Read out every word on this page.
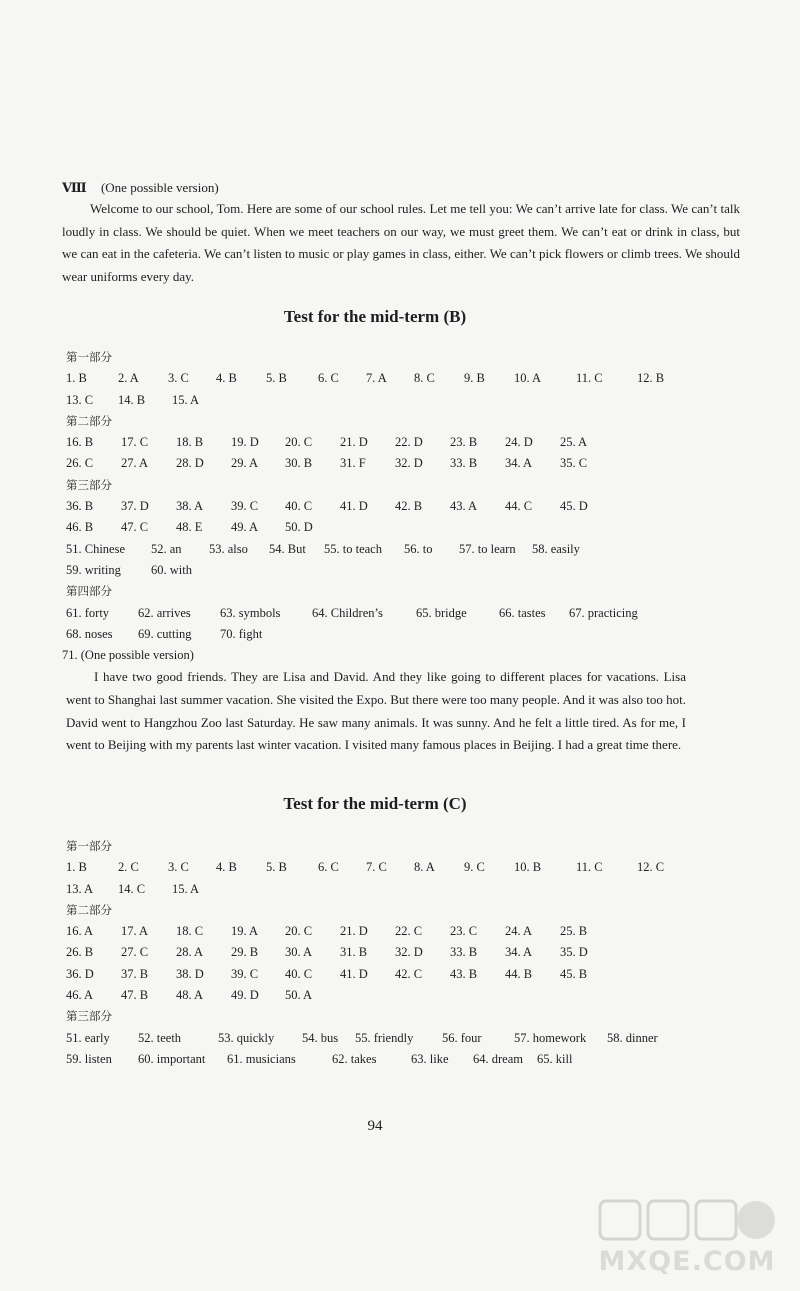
Ⅷ (One possible version)

Welcome to our school, Tom. Here are some of our school rules. Let me tell you: We can’t arrive late for class. We can’t talk loudly in class. We should be quiet. When we meet teachers on our way, we must greet them. We can’t eat or drink in class, but we can eat in the cafeteria. We can’t listen to music or play games in class, either. We can’t pick flowers or climb trees. We should wear uniforms every day.

Test for the mid-term (B)
第一部分
1. B 2. A 3. C 4. B 5. B 6. C 7. A 8. C 9. B 10. A	11. C	12. B
13. C 14. B 15. A
第二部分
16. B 17. C 18. B 19. D 20. C 21. D 22. D 23. B 24. D 25. A
26. C 27. A 28. D 29. A 30. B 31. F 32. D 33. B 34. A 35. C
第三部分
36. B 37. D 38. A 39. C 40. C 41. D 42. B 43. A 44. C 45. D
46. B 47. C 48. E 49. A 50. D
51. Chinese 52. an 53. also 54. But 55. to teach 56. to 57. to learn 58. easily
59. writing 60. with
第四部分
61. forty 62. arrives 63. symbols	64. Children’s	65. bridge	66. tastes 67. practicing
68. noses 69. cutting 70. fight
71. (One possible version)

I have two good friends. They are Lisa and David. And they like going to different places for vacations. Lisa went to Shanghai last summer vacation. She visited the Expo. But there were too many people. And it was also too hot. David went to Hangzhou Zoo last Saturday. He saw many animals. It was sunny. And he felt a little tired. As for me, I went to Beijing with my parents last winter vacation. I visited many famous places in Beijing. I had a great time there.

Test for the mid-term (C)
第一部分
1. B 2. C 3. C 4. B 5. B 6. C 7. C 8. A 9. C 10. B	11. C	12. C
13. A 14. C 15. A
第二部分
16. A 17. A 18. C 19. A 20. C 21. D 22. C 23. C 24. A 25. B
26. B 27. C 28. A 29. B 30. A 31. B 32. D 33. B 34. A 35. D
36. D 37. B 38. D 39. C 40. C 41. D 42. C 43. B 44. B 45. B
46. A 47. B 48. A 49. D 50. A
第三部分
51. early 52. teeth	53. quickly 54. bus 55. friendly 56. four	57. homework 58. dinner
59. listen 60. important 61. musicians	62. takes	63. like 64. dream 65. kill
94
MXQE.COM
